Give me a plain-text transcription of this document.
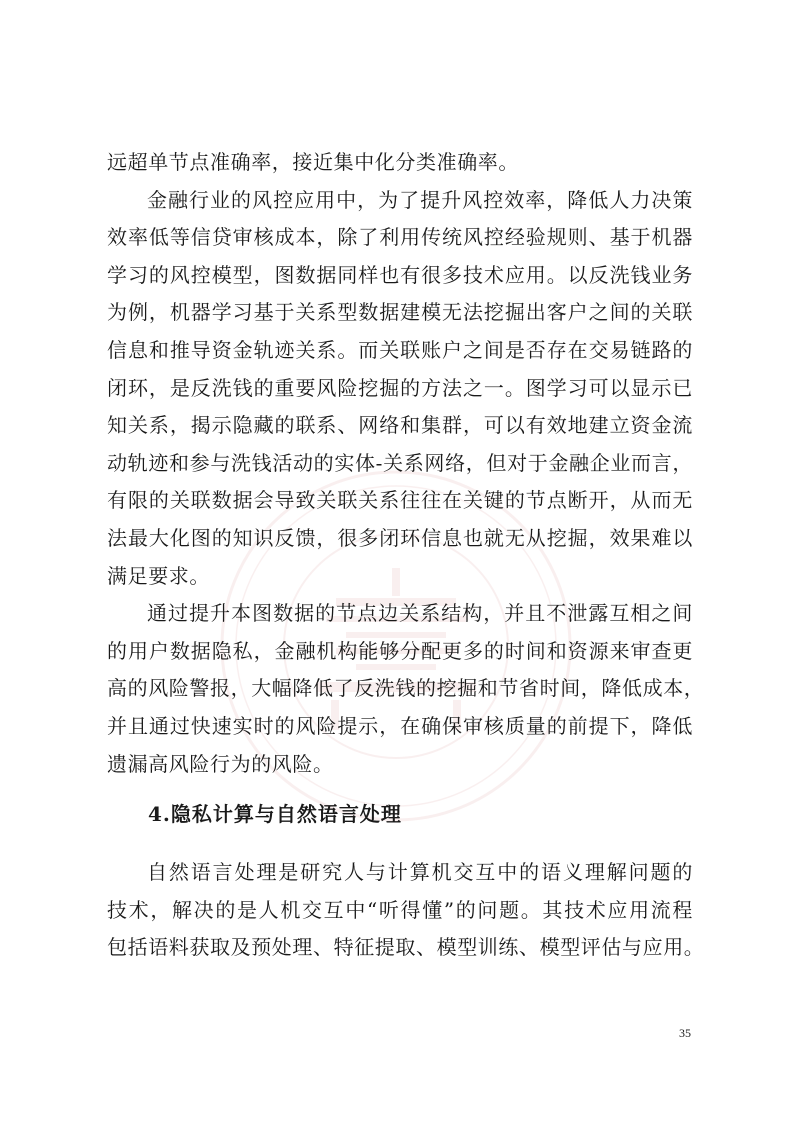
远超单节点准确率，接近集中化分类准确率。
金融行业的风控应用中，为了提升风控效率，降低人力决策
效率低等信贷审核成本，除了利用传统风控经验规则、基于机器
学习的风控模型，图数据同样也有很多技术应用。以反洗钱业务
为例，机器学习基于关系型数据建模无法挖掘出客户之间的关联
信息和推导资金轨迹关系。而关联账户之间是否存在交易链路的
闭环，是反洗钱的重要风险挖掘的方法之一。图学习可以显示已
知关系，揭示隐藏的联系、网络和集群，可以有效地建立资金流
动轨迹和参与洗钱活动的实体-关系网络，但对于金融企业而言，
有限的关联数据会导致关联关系往往在关键的节点断开，从而无
法最大化图的知识反馈，很多闭环信息也就无从挖掘，效果难以
满足要求。
通过提升本图数据的节点边关系结构，并且不泄露互相之间
的用户数据隐私，金融机构能够分配更多的时间和资源来审查更
高的风险警报，大幅降低了反洗钱的挖掘和节省时间，降低成本，
并且通过快速实时的风险提示，在确保审核质量的前提下，降低
遗漏高风险行为的风险。
4.隐私计算与自然语言处理
自然语言处理是研究人与计算机交互中的语义理解问题的
技术，解决的是人机交互中“听得懂”的问题。其技术应用流程
包括语料获取及预处理、特征提取、模型训练、模型评估与应用。
35
